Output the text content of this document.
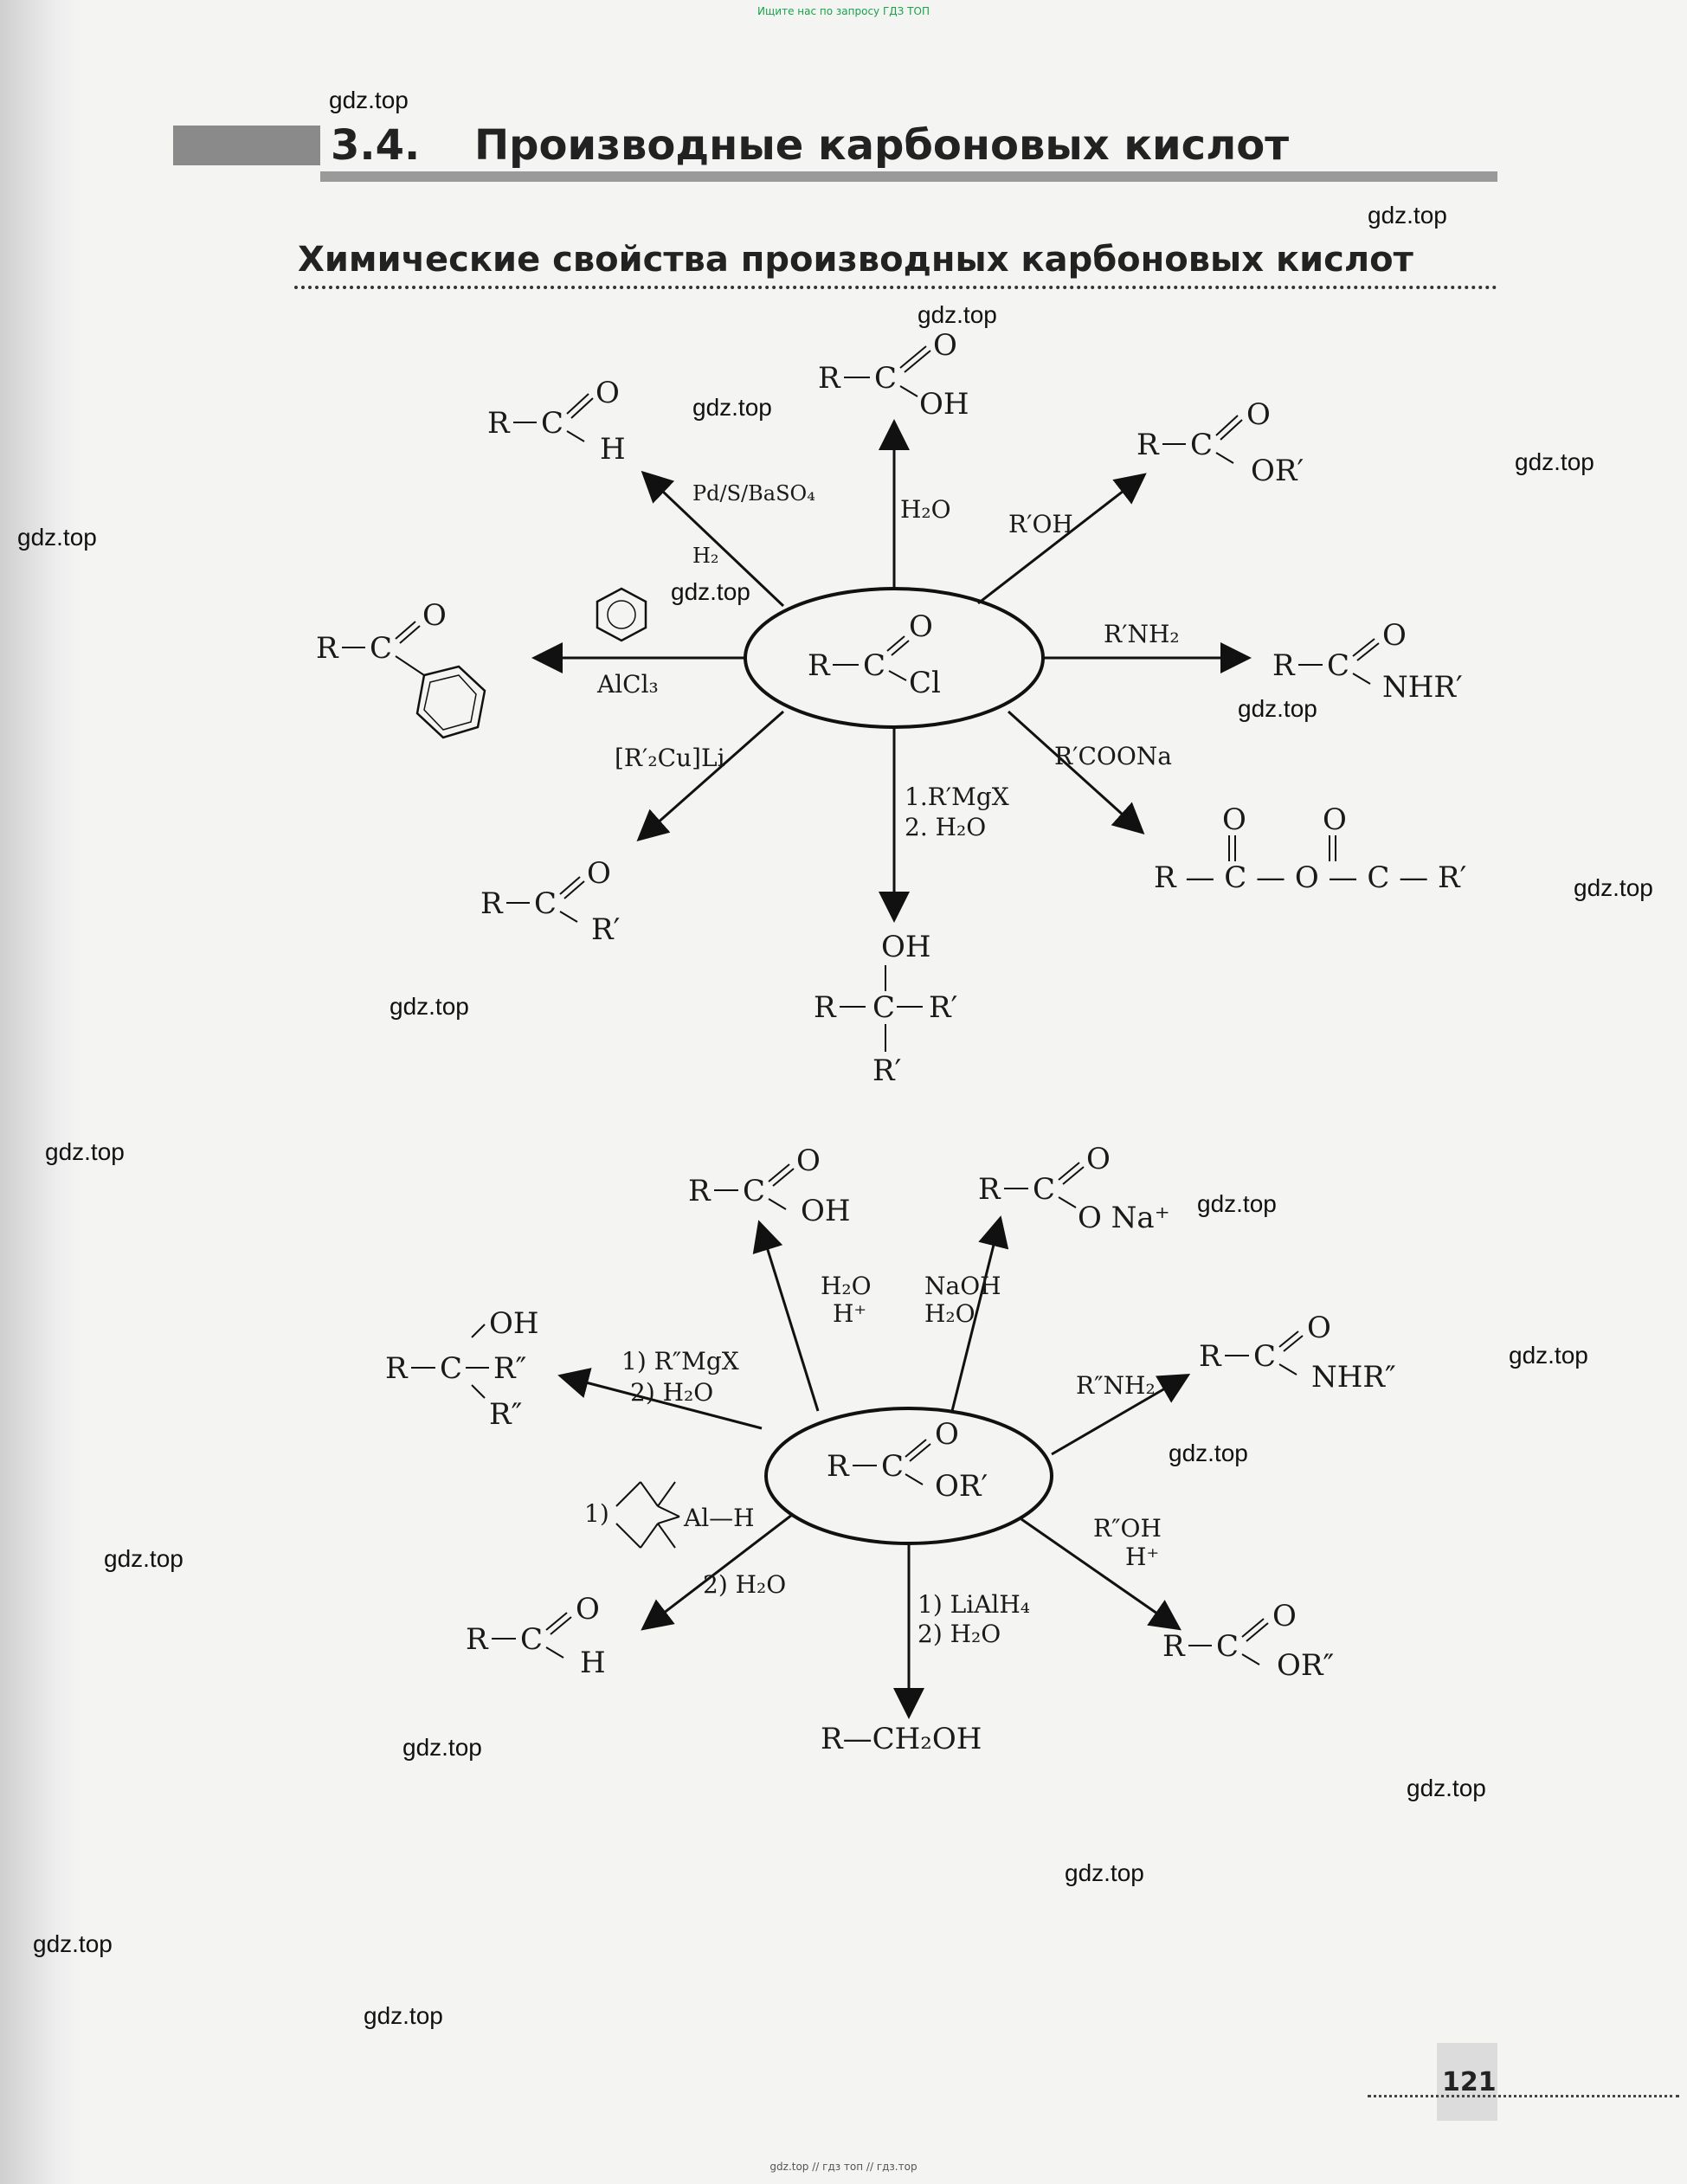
Ищите нас по запросу ГДЗ ТОП
3.4. Производные карбоновых кислот
Химические свойства производных карбоновых кислот
R C
O
Cl
R C
O
OH
H₂O
R C
O
H
Pd/S/BaSO₄
H₂
R C
O
OR′
R′OH
R C
O
AlCl₃
R C
O
NHR′
R′NH₂
R C
O
R′
[R′₂Cu]Li
OH
R C R′
R′
1.R′MgX
2. H₂O	O	O
R — C — O — C — R′
R′COONa
R C
O
OR′
R C
O
OH
H₂O
H⁺
R C
O
O Na⁺
NaOH
H₂O
OH
R C R″
R″
1) R″MgX
2) H₂O
R C
O
NHR″
R″NH₂
R C
O
H
1)	Al—H
2) H₂O
R—CH₂OH
1) LiAlH₄
2) H₂O	R C
O
OR″
R″OH
H⁺
gdz.top
gdz.top
gdz.top
gdz.top
gdz.top
gdz.top
gdz.top
gdz.top
gdz.top
gdz.top
gdz.top
gdz.top
gdz.top
gdz.top
gdz.top
gdz.top
gdz.top
gdz.top
gdz.top
gdz.top
121
gdz.top // гдз топ // гдз.тор
